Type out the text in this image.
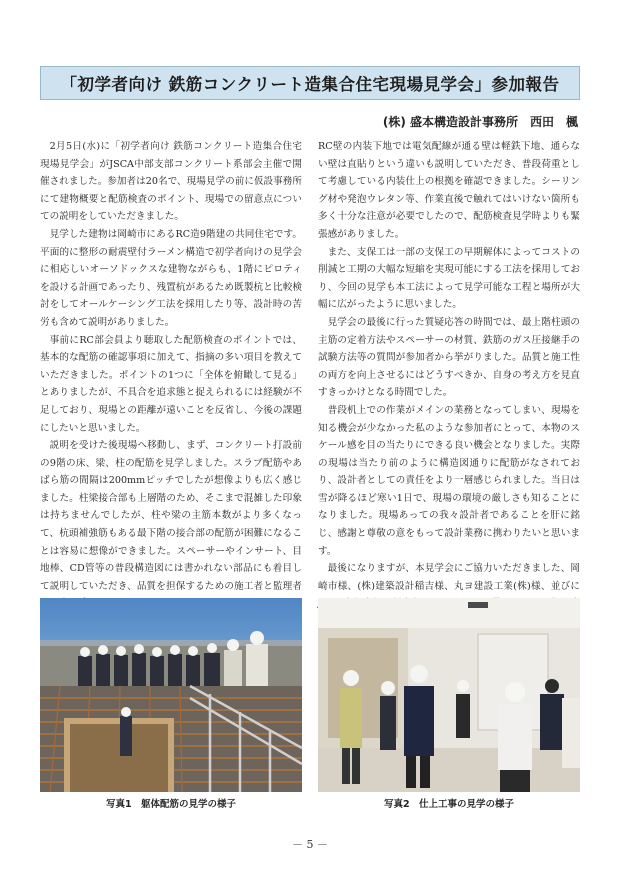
「初学者向け 鉄筋コンクリート造集合住宅現場見学会」参加報告
(株) 盛本構造設計事務所　西田　楓

2月5日(水)に「初学者向け 鉄筋コンクリート造集合住宅現場見学会」がJSCA中部支部コンクリート系部会主催で開催されました。参加者は20名で、現場見学の前に仮設事務所にて建物概要と配筋検査のポイント、現場での留意点についての説明をしていただきました。

見学した建物は岡崎市にあるRC造9階建の共同住宅です。平面的に整形の耐震壁付ラーメン構造で初学者向けの見学会に相応しいオーソドックスな建物ながらも、1階にピロティを設ける計画であったり、残置杭があるため既製杭と比較検討をしてオールケーシング工法を採用したり等、設計時の苦労も含めて説明がありました。

事前にRC部会員より聴取した配筋検査のポイントでは、基本的な配筋の確認事項に加えて、指摘の多い項目を教えていただきました。ポイントの1つに「全体を俯瞰して見る」とありましたが、不具合を追求態と捉えられるには経験が不足しており、現場との距離が遠いことを反省し、今後の課題にしたいと思いました。

説明を受けた後現場へ移動し、まず、コンクリート打設前の9階の床、梁、柱の配筋を見学しました。スラブ配筋やあばら筋の間隔は200mmピッチでしたが想像よりも広く感じました。柱梁接合部も上層階のため、そこまで混雑した印象は持ちませんでしたが、柱や梁の主筋本数がより多くなって、杭頭補強筋もある最下階の接合部の配筋が困難になることは容易に想像ができました。スペーサーやインサート、目地棒、CD管等の普段構造図には書かれない部品にも着目して説明していただき、品質を担保するための施工者と監理者

RC壁の内装下地では電気配線が通る壁は軽鉄下地、通らない壁は直貼りという違いも説明していただき、普段荷重として考慮している内装仕上の根拠を確認できました。シーリング材や発泡ウレタン等、作業直後で触れてはいけない箇所も多く十分な注意が必要でしたので、配筋検査見学時よりも緊張感がありました。

また、支保工は一部の支保工の早期解体によってコストの削減と工期の大幅な短縮を実現可能にする工法を採用しており、今回の見学も本工法によって見学可能な工程と場所が大幅に広がったように思いました。

見学会の最後に行った質疑応答の時間では、最上階柱頭の主筋の定着方法やスペーサーの材質、鉄筋のガス圧接継手の試験方法等の質問が参加者から挙がりました。品質と施工性の両方を向上させるにはどうすべきか、自身の考え方を見直すきっかけとなる時間でした。

普段机上での作業がメインの業務となってしまい、現場を知る機会が少なかった私のような参加者にとって、本物のスケール感を目の当たりにできる良い機会となりました。実際の現場は当たり前のように構造図通りに配筋がなされており、設計者としての責任をより一層感じられました。当日は雪が降るほど寒い1日で、現場の環境の厳しさも知ることになりました。現場あっての我々設計者であることを肝に銘じ、感謝と尊敬の意をもって設計業務に携わりたいと思います。

最後になりますが、本見学会にご協力いただきました、岡崎市様、(株)建築設計稲吉様、丸ヨ建設工業(株)様、並びに

写真1　躯体配筋の見学の様子	写真2　仕上工事の見学の様子
－ 5 －
